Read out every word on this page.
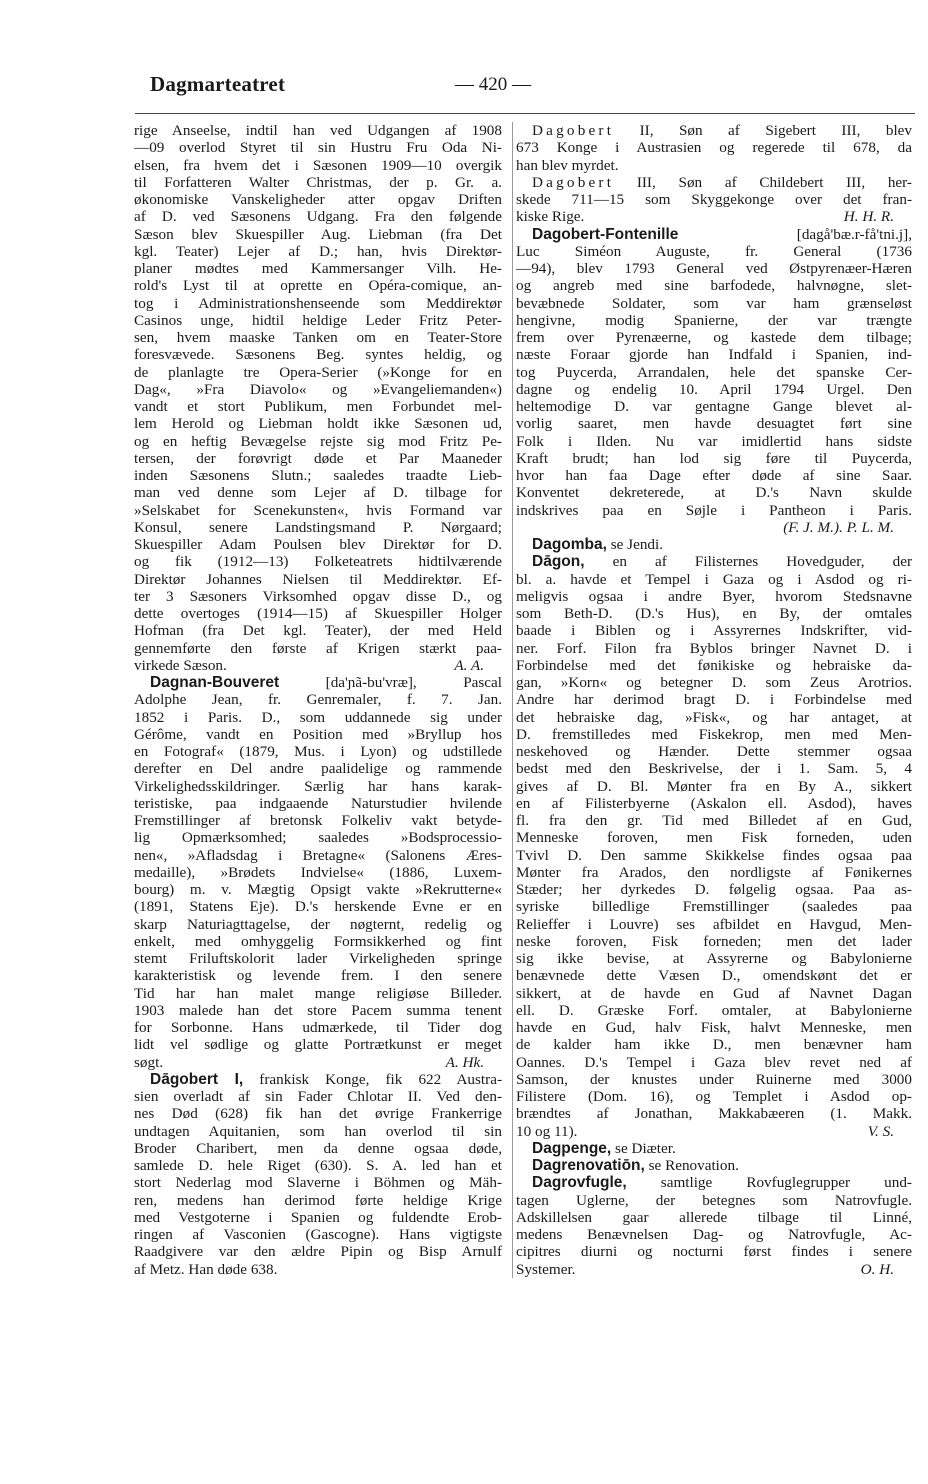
Dagmarteatret	— 420 —
rige Anseelse, indtil han ved Udgangen af 1908
—09 overlod Styret til sin Hustru Fru Oda Ni-
elsen, fra hvem det i Sæsonen 1909—10 overgik
til Forfatteren Walter Christmas, der p. Gr. a.
økonomiske Vanskeligheder atter opgav Driften
af D. ved Sæsonens Udgang. Fra den følgende
Sæson blev Skuespiller Aug. Liebman (fra Det
kgl. Teater) Lejer af D.; han, hvis Direktør-
planer mødtes med Kammersanger Vilh. He-
rold's Lyst til at oprette en Opéra-comique, an-
tog i Administrationshenseende som Meddirektør
Casinos unge, hidtil heldige Leder Fritz Peter-
sen, hvem maaske Tanken om en Teater-Store
foresvævede. Sæsonens Beg. syntes heldig, og
de planlagte tre Opera-Serier (»Konge for en
Dag«, »Fra Diavolo« og »Evangeliemanden«)
vandt et stort Publikum, men Forbundet mel-
lem Herold og Liebman holdt ikke Sæsonen ud,
og en heftig Bevægelse rejste sig mod Fritz Pe-
tersen, der forøvrigt døde et Par Maaneder
inden Sæsonens Slutn.; saaledes traadte Lieb-
man ved denne som Lejer af D. tilbage for
»Selskabet for Scenekunsten«, hvis Formand var
Konsul, senere Landstingsmand P. Nørgaard;
Skuespiller Adam Poulsen blev Direktør for D.
og fik (1912—13) Folketeatrets hidtilværende
Direktør Johannes Nielsen til Meddirektør. Ef-
ter 3 Sæsoners Virksomhed opgav disse D., og
dette overtoges (1914—15) af Skuespiller Holger
Hofman (fra Det kgl. Teater), der med Held
gennemførte den første af Krigen stærkt paa-
virkede Sæson.	A. A.
Dagnan-Bouveret [da'ɲã-bu'vræ], Pascal
Adolphe Jean, fr. Genremaler, f. 7. Jan.
1852 i Paris. D., som uddannede sig under
Gérôme, vandt en Position med »Bryllup hos
en Fotograf« (1879, Mus. i Lyon) og udstillede
derefter en Del andre paalidelige og rammende
Virkelighedsskildringer. Særlig har hans karak-
teristiske, paa indgaaende Naturstudier hvilende
Fremstillinger af bretonsk Folkeliv vakt betyde-
lig Opmærksomhed; saaledes »Bodsprocessio-
nen«, »Afladsdag i Bretagne« (Salonens Æres-
medaille), »Brødets Indvielse« (1886, Luxem-
bourg) m. v. Mægtig Opsigt vakte »Rekrutterne«
(1891, Statens Eje). D.'s herskende Evne er en
skarp Naturiagttagelse, der nøgternt, redelig og
enkelt, med omhyggelig Formsikkerhed og fint
stemt Friluftskolorit lader Virkeligheden springe
karakteristisk og levende frem. I den senere
Tid har han malet mange religiøse Billeder.
1903 malede han det store Pacem summa tenent
for Sorbonne. Hans udmærkede, til Tider dog
lidt vel sødlige og glatte Portrætkunst er meget
søgt.	A. Hk.
Dāgobert I, frankisk Konge, fik 622 Austra-
sien overladt af sin Fader Chlotar II. Ved den-
nes Død (628) fik han det øvrige Frankerrige
undtagen Aquitanien, som han overlod til sin
Broder Charibert, men da denne ogsaa døde,
samlede D. hele Riget (630). S. A. led han et
stort Nederlag mod Slaverne i Böhmen og Mäh-
ren, medens han derimod førte heldige Krige
med Vestgoterne i Spanien og fuldendte Erob-
ringen af Vasconien (Gascogne). Hans vigtigste
Raadgivere var den ældre Pipin og Bisp Arnulf
af Metz. Han døde 638.
Dagobert II, Søn af Sigebert III, blev
673 Konge i Austrasien og regerede til 678, da
han blev myrdet.
Dagobert III, Søn af Childebert III, her-
skede 711—15 som Skyggekonge over det fran-
kiske Rige.	H. H. R.
Dagobert-Fontenille [dagå'bæ.r-få'tni.j],
Luc Siméon Auguste, fr. General (1736
—94), blev 1793 General ved Østpyrenæer-Hæren
og angreb med sine barfodede, halvnøgne, slet-
bevæbnede Soldater, som var ham grænseløst
hengivne, modig Spanierne, der var trængte
frem over Pyrenæerne, og kastede dem tilbage;
næste Foraar gjorde han Indfald i Spanien, ind-
tog Puycerda, Arrandalen, hele det spanske Cer-
dagne og endelig 10. April 1794 Urgel. Den
heltemodige D. var gentagne Gange blevet al-
vorlig saaret, men havde desuagtet ført sine
Folk i Ilden. Nu var imidlertid hans sidste
Kraft brudt; han lod sig føre til Puycerda,
hvor han faa Dage efter døde af sine Saar.
Konventet dekreterede, at D.'s Navn skulde
indskrives paa en Søjle i Pantheon i Paris.
(F. J. M.). P. L. M.
Dagomba, se Jendi.
Dāgon, en af Filisternes Hovedguder, der
bl. a. havde et Tempel i Gaza og i Asdod og ri-
meligvis ogsaa i andre Byer, hvorom Stedsnavne
som Beth-D. (D.'s Hus), en By, der omtales
baade i Biblen og i Assyrernes Indskrifter, vid-
ner. Forf. Filon fra Byblos bringer Navnet D. i
Forbindelse med det fønikiske og hebraiske da-
gan, »Korn« og betegner D. som Zeus Arotrios.
Andre har derimod bragt D. i Forbindelse med
det hebraiske dag, »Fisk«, og har antaget, at
D. fremstilledes med Fiskekrop, men med Men-
neskehoved og Hænder. Dette stemmer ogsaa
bedst med den Beskrivelse, der i 1. Sam. 5, 4
gives af D. Bl. Mønter fra en By A., sikkert
en af Filisterbyerne (Askalon ell. Asdod), haves
fl. fra den gr. Tid med Billedet af en Gud,
Menneske foroven, men Fisk forneden, uden
Tvivl D. Den samme Skikkelse findes ogsaa paa
Mønter fra Arados, den nordligste af Fønikernes
Stæder; her dyrkedes D. følgelig ogsaa. Paa as-
syriske billedlige Fremstillinger (saaledes paa
Relieffer i Louvre) ses afbildet en Havgud, Men-
neske foroven, Fisk forneden; men det lader
sig ikke bevise, at Assyrerne og Babylonierne
benævnede dette Væsen D., omendskønt det er
sikkert, at de havde en Gud af Navnet Dagan
ell. D. Græske Forf. omtaler, at Babylonierne
havde en Gud, halv Fisk, halvt Menneske, men
de kalder ham ikke D., men benævner ham
Oannes. D.'s Tempel i Gaza blev revet ned af
Samson, der knustes under Ruinerne med 3000
Filistere (Dom. 16), og Templet i Asdod op-
brændtes af Jonathan, Makkabæeren (1. Makk.
10 og 11).	V. S.
Dagpenge, se Diæter.
Dagrenovatiōn, se Renovation.
Dagrovfugle, samtlige Rovfuglegrupper und-
tagen Uglerne, der betegnes som Natrovfugle.
Adskillelsen gaar allerede tilbage til Linné,
medens Benævnelsen Dag- og Natrovfugle, Ac-
cipitres diurni og nocturni først findes i senere
Systemer.	O. H.
